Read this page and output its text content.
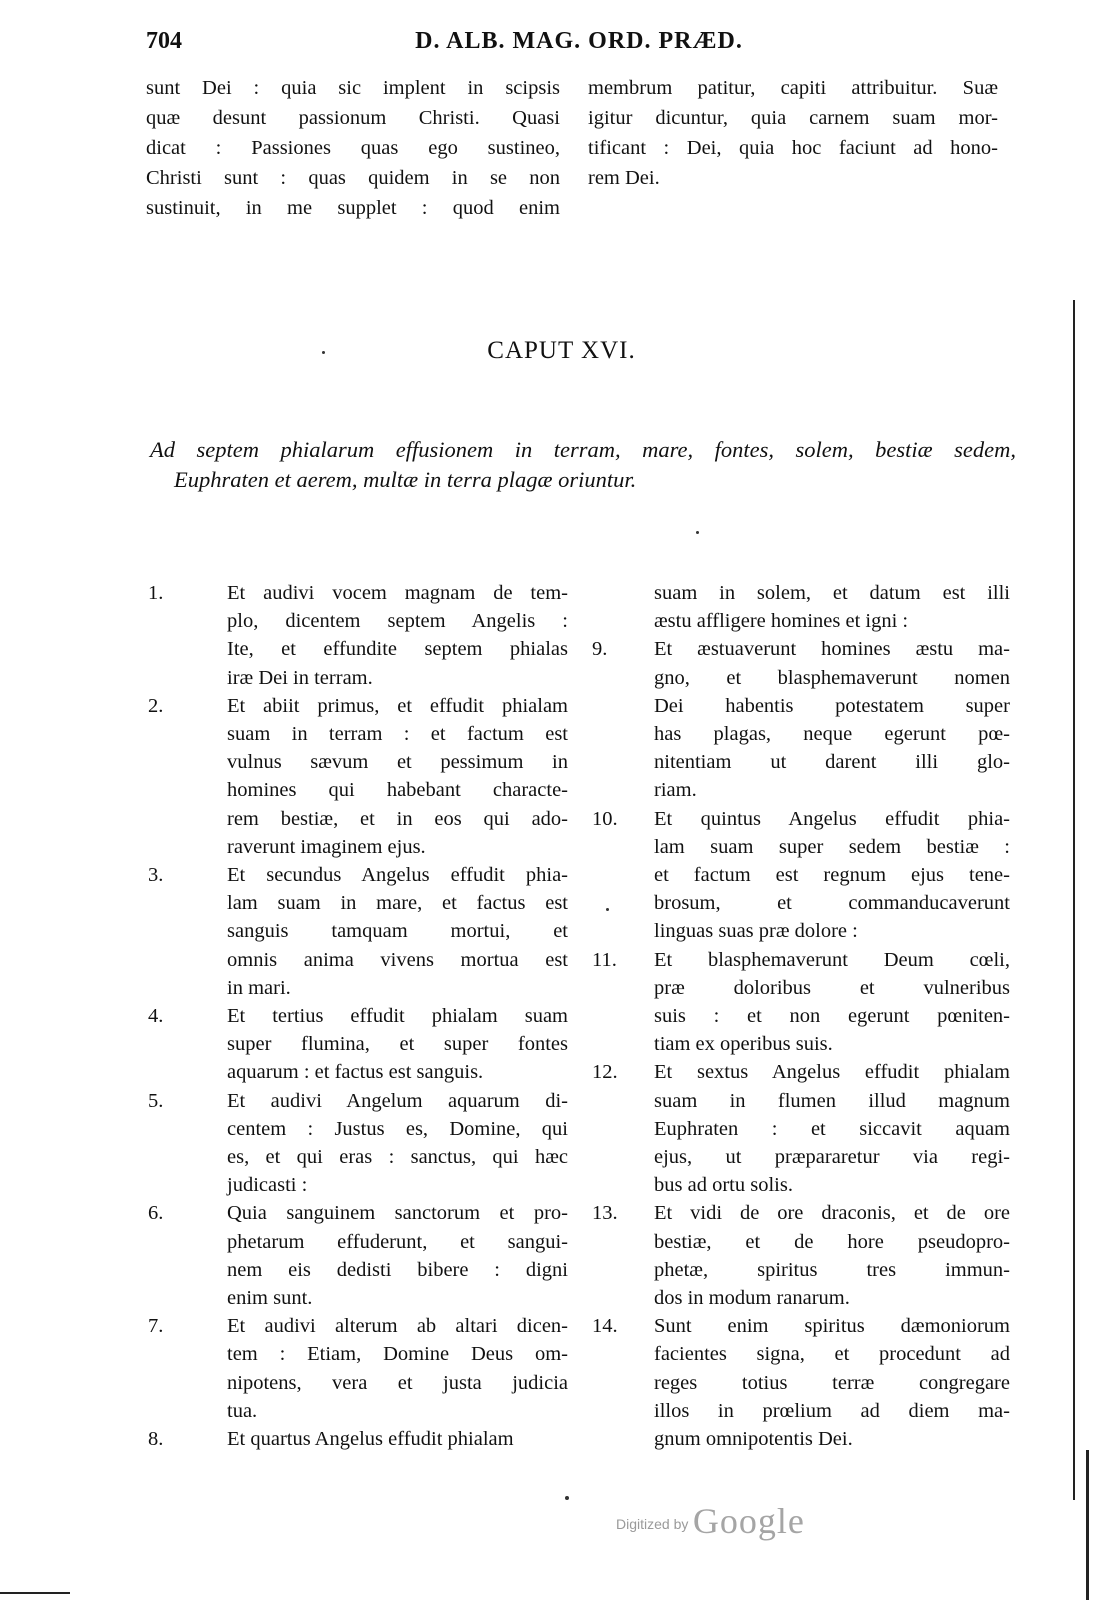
704	D. ALB. MAG. ORD. PRÆD.
sunt Dei : quia sic implent in scipsis
quæ desunt passionum Christi. Quasi
dicat : Passiones quas ego sustineo,
Christi sunt : quas quidem in se non
sustinuit, in me supplet : quod enim
membrum patitur, capiti attribuitur. Suæ
igitur dicuntur, quia carnem suam mor-
tificant : Dei, quia hoc faciunt ad hono-
rem Dei.
CAPUT XVI.
Ad septem phialarum effusionem in terram, mare, fontes, solem, bestiæ sedem,
Euphraten et aerem, multæ in terra plagæ oriuntur.
1.	Et audivi vocem magnam de tem-
plo, dicentem septem Angelis :
Ite, et effundite septem phialas
iræ Dei in terram.
2.	Et abiit primus, et effudit phialam
suam in terram : et factum est
vulnus sævum et pessimum in
homines qui habebant characte-
rem bestiæ, et in eos qui ado-
raverunt imaginem ejus.
3.	Et secundus Angelus effudit phia-
lam suam in mare, et factus est
sanguis tamquam mortui, et
omnis anima vivens mortua est
in mari.
4.	Et tertius effudit phialam suam
super flumina, et super fontes
aquarum : et factus est sanguis.
5.	Et audivi Angelum aquarum di-
centem : Justus es, Domine, qui
es, et qui eras : sanctus, qui hæc
judicasti :
6.	Quia sanguinem sanctorum et pro-
phetarum effuderunt, et sangui-
nem eis dedisti bibere : digni
enim sunt.
7.	Et audivi alterum ab altari dicen-
tem : Etiam, Domine Deus om-
nipotens, vera et justa judicia
tua.
8.	Et quartus Angelus effudit phialam
suam in solem, et datum est illi
æstu affligere homines et igni :
9.	Et æstuaverunt homines æstu ma-
gno, et blasphemaverunt nomen
Dei habentis potestatem super
has plagas, neque egerunt pœ-
nitentiam ut darent illi glo-
riam.
10.	Et quintus Angelus effudit phia-
lam suam super sedem bestiæ :
et factum est regnum ejus tene-
brosum, et commanducaverunt
linguas suas præ dolore :
11.	Et blasphemaverunt Deum cœli,
præ doloribus et vulneribus
suis : et non egerunt pœniten-
tiam ex operibus suis.
12.	Et sextus Angelus effudit phialam
suam in flumen illud magnum
Euphraten : et siccavit aquam
ejus, ut præpararetur via regi-
bus ad ortu solis.
13.	Et vidi de ore draconis, et de ore
bestiæ, et de hore pseudopro-
phetæ, spiritus tres immun-
dos in modum ranarum.
14.	Sunt enim spiritus dæmoniorum
facientes signa, et procedunt ad
reges totius terræ congregare
illos in prœlium ad diem ma-
gnum omnipotentis Dei.
Digitized by Google
